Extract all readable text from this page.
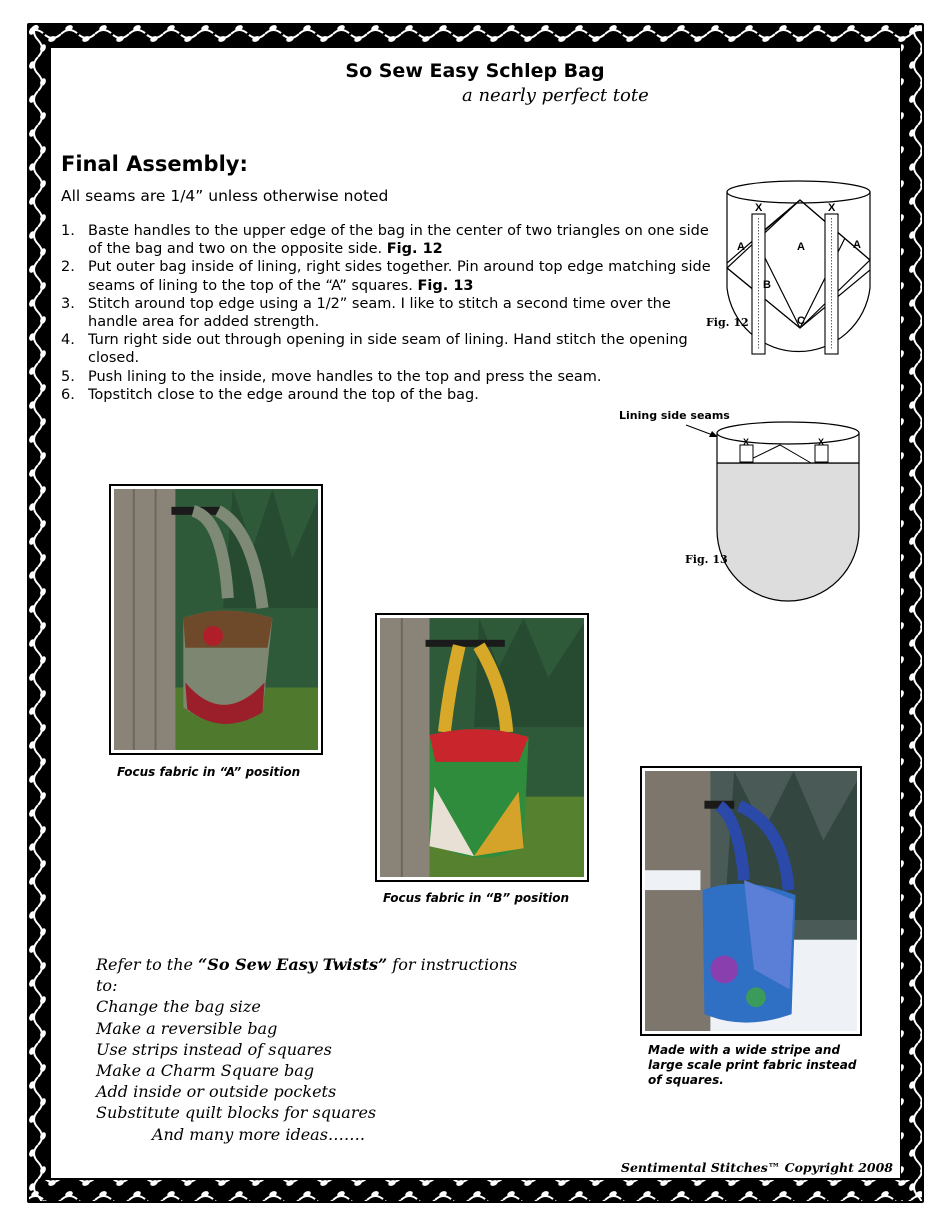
So Sew Easy Schlep Bag
a nearly perfect tote
Final Assembly:
All seams are 1/4” unless otherwise noted
1. Baste handles to the upper edge of the bag in the center of two triangles on one side of the bag and two on the opposite side. Fig. 12
2. Put outer bag inside of lining, right sides together. Pin around top edge matching side seams of lining to the top of the “A” squares. Fig. 13
3. Stitch around top edge using a 1/2” seam. I like to stitch a second time over the handle area for added strength.
4. Turn right side out through opening in side seam of lining. Hand stitch the opening closed.
5. Push lining to the inside, move handles to the top and press the seam.
6. Topstitch close to the edge around the top of the bag.
X	X
A	A	A
B
C
Fig. 12
Lining side seams
X	X
Fig. 13
Focus fabric in “A” position
Focus fabric in “B” position
Made with a wide stripe and
large scale print fabric instead
of squares.
Refer to the “So Sew Easy Twists” for instructions
to:
Change the bag size
Make a reversible bag
Use strips instead of squares
Make a Charm Square bag
Add inside or outside pockets
Substitute quilt blocks for squares
And many more ideas…….
Sentimental Stitches™ Copyright 2008
